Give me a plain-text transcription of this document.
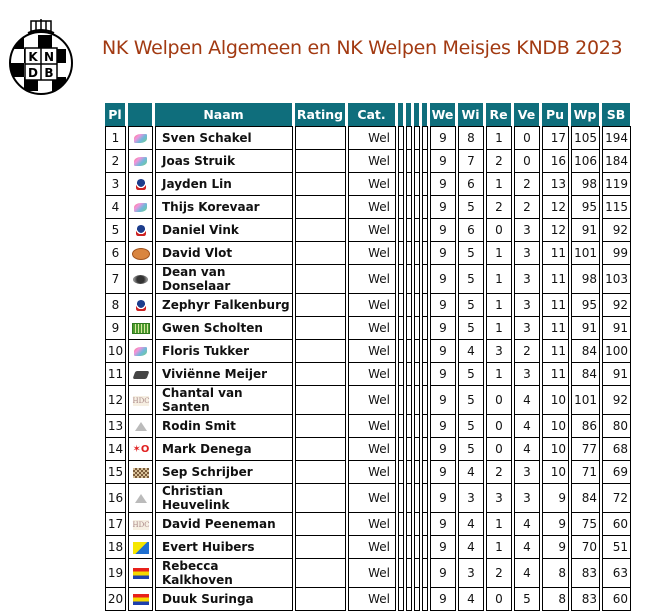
K N
D B
NK Welpen Algemeen en NK Welpen Meisjes KNDB 2023
Pl		Naam	Rating	Cat.					We	Wi	Re	Ve	Pu	Wp	SB
1		Sven Schakel		Wel					9	8	1	0	17	105	194
2		Joas Struik		Wel					9	7	2	0	16	106	184
3		Jayden Lin		Wel					9	6	1	2	13	98	119
4		Thijs Korevaar		Wel					9	5	2	2	12	95	115
5		Daniel Vink		Wel					9	6	0	3	12	91	92
6		David Vlot		Wel					9	5	1	3	11	101	99
7		Dean van Donselaar		Wel					9	5	1	3	11	98	103
8		Zephyr Falkenburg		Wel					9	5	1	3	11	95	92
9		Gwen Scholten		Wel					9	5	1	3	11	91	91
10		Floris Tukker		Wel					9	4	3	2	11	84	100
11		Viviënne Meijer		Wel					9	5	1	3	11	84	91
12	HDC	Chantal van Santen		Wel					9	5	0	4	10	101	92
13		Rodin Smit		Wel					9	5	0	4	10	86	80
14	✶O	Mark Denega		Wel					9	5	0	4	10	77	68
15		Sep Schrijber		Wel					9	4	2	3	10	71	69
16		Christian Heuvelink		Wel					9	3	3	3	9	84	72
17	HDC	David Peeneman		Wel					9	4	1	4	9	75	60
18		Evert Huibers		Wel					9	4	1	4	9	70	51
19		Rebecca Kalkhoven		Wel					9	3	2	4	8	83	63
20		Duuk Suringa		Wel					9	4	0	5	8	83	60
